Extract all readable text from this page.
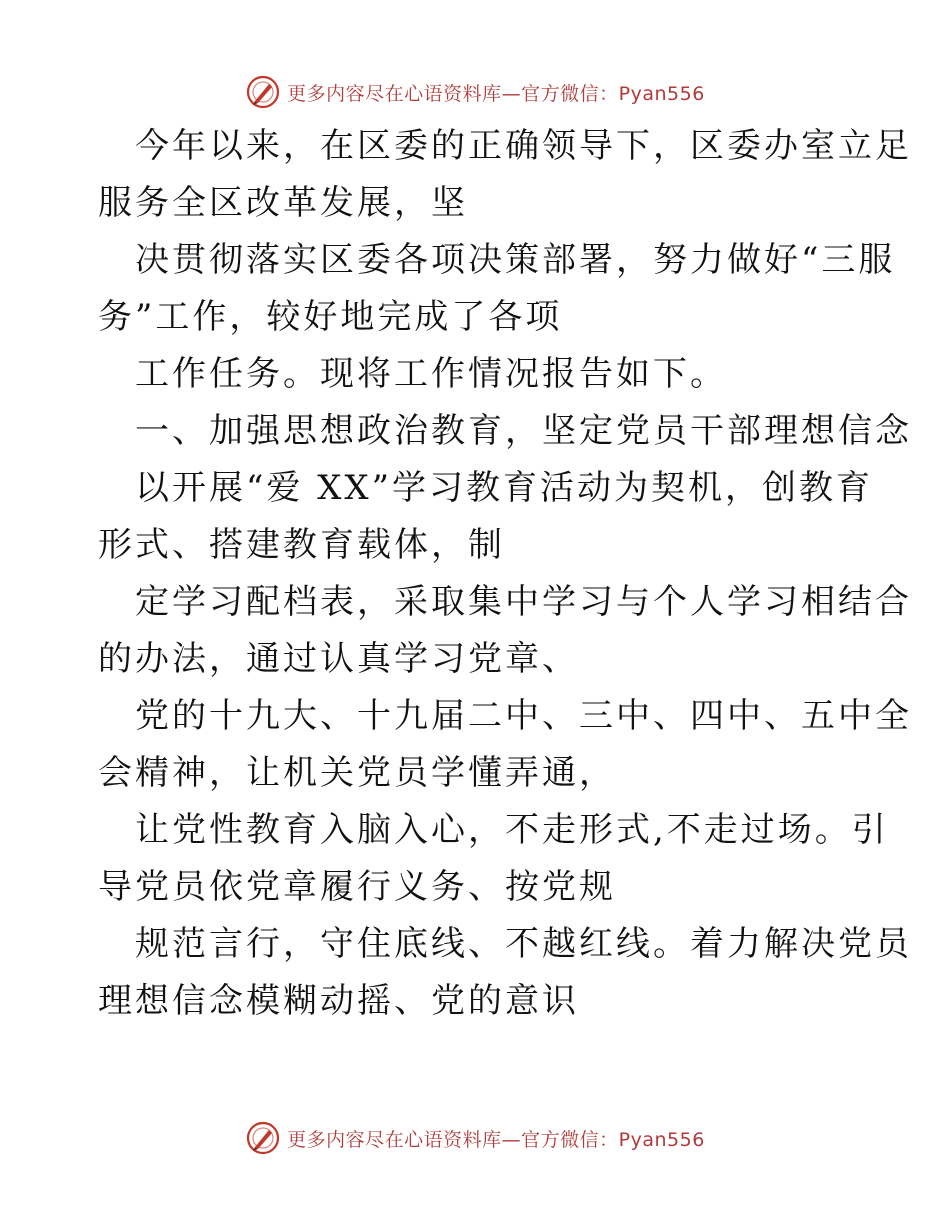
更多内容尽在心语资料库—官方微信：Pyan556
今年以来，在区委的正确领导下，区委办室立足
服务全区改革发展，坚
决贯彻落实区委各项决策部署，努力做好“三服
务”工作，较好地完成了各项
工作任务。现将工作情况报告如下。
一、加强思想政治教育，坚定党员干部理想信念
以开展“爱 XX”学习教育活动为契机，创教育
形式、搭建教育载体，制
定学习配档表，采取集中学习与个人学习相结合
的办法，通过认真学习党章、
党的十九大、十九届二中、三中、四中、五中全
会精神，让机关党员学懂弄通，
让党性教育入脑入心，不走形式,不走过场。引
导党员依党章履行义务、按党规
规范言行，守住底线、不越红线。着力解决党员
理想信念模糊动摇、党的意识
更多内容尽在心语资料库—官方微信：Pyan556
